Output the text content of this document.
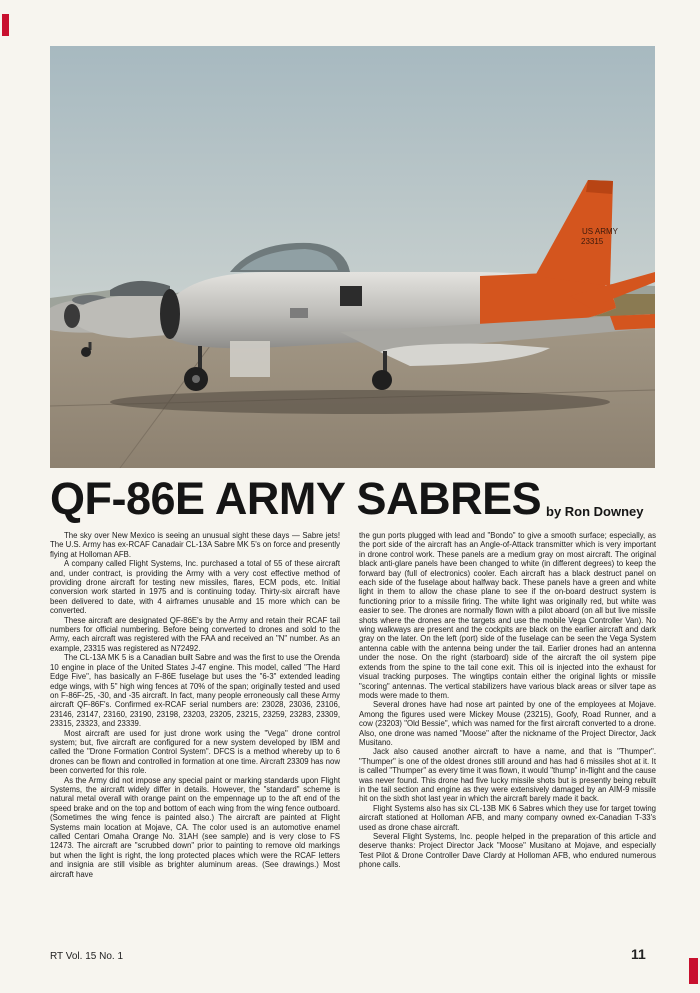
US ARMY
23315
QF-86E ARMY SABRES by Ron Downey

The sky over New Mexico is seeing an unusual sight these days — Sabre jets! The U.S. Army has ex-RCAF Canadair CL-13A Sabre MK 5's on force and presently flying at Holloman AFB.

A company called Flight Systems, Inc. purchased a total of 55 of these aircraft and, under contract, is providing the Army with a very cost effective method of providing drone aircraft for testing new missiles, flares, ECM pods, etc. Initial conversion work started in 1975 and is continuing today. Thirty-six aircraft have been delivered to date, with 4 airframes unusable and 15 more which can be converted.

These aircraft are designated QF-86E's by the Army and retain their RCAF tail numbers for official numbering. Before being converted to drones and sold to the Army, each aircraft was registered with the FAA and received an "N" number. As an example, 23315 was registered as N72492.

The CL-13A MK 5 is a Canadian built Sabre and was the first to use the Orenda 10 engine in place of the United States J-47 engine. This model, called "The Hard Edge Five", has basically an F-86E fuselage but uses the "6-3" extended leading edge wings, with 5" high wing fences at 70% of the span; originally tested and used on F-86F-25, -30, and -35 aircraft. In fact, many people erroneously call these Army aircraft QF-86F's. Confirmed ex-RCAF serial numbers are: 23028, 23036, 23106, 23146, 23147, 23160, 23190, 23198, 23203, 23205, 23215, 23259, 23283, 23309, 23315, 23323, and 23339.

Most aircraft are used for just drone work using the "Vega" drone control system; but, five aircraft are configured for a new system developed by IBM and called the "Drone Formation Control System". DFCS is a method whereby up to 6 drones can be flown and controlled in formation at one time. Aircraft 23309 has now been converted for this role.

As the Army did not impose any special paint or marking standards upon Flight Systems, the aircraft widely differ in details. However, the "standard" scheme is natural metal overall with orange paint on the empennage up to the aft end of the speed brake and on the top and bottom of each wing from the wing fence outboard. (Sometimes the wing fence is painted also.) The aircraft are painted at Flight Systems main location at Mojave, CA. The color used is an automotive enamel called Centari Omaha Orange No. 31AH (see sample) and is very close to FS 12473. The aircraft are "scrubbed down" prior to painting to remove old markings but when the light is right, the long protected places which were the RCAF letters and insignia are still visible as brighter aluminum areas. (See drawings.) Most aircraft have

the gun ports plugged with lead and "Bondo" to give a smooth surface; especially, as the port side of the aircraft has an Angle-of-Attack transmitter which is very important in drone control work. These panels are a medium gray on most aircraft. The original black anti-glare panels have been changed to white (in different degrees) to keep the forward bay (full of electronics) cooler. Each aircraft has a black destruct panel on each side of the fuselage about halfway back. These panels have a green and white light in them to allow the chase plane to see if the on-board destruct system is functioning prior to a missile firing. The white light was originally red, but white was easier to see. The drones are normally flown with a pilot aboard (on all but live missile shots where the drones are the targets and use the mobile Vega Controller Van). No wing walkways are present and the cockpits are black on the earlier aircraft and dark gray on the later. On the left (port) side of the fuselage can be seen the Vega System antenna cable with the antenna being under the tail. Earlier drones had an antenna under the nose. On the right (starboard) side of the aircraft the oil system pipe extends from the spine to the tail cone exit. This oil is injected into the exhaust for visual tracking purposes. The wingtips contain either the original lights or missile "scoring" antennas. The vertical stabilizers have various black areas or silver tape as mods were made to them.

Several drones have had nose art painted by one of the employees at Mojave. Among the figures used were Mickey Mouse (23215), Goofy, Road Runner, and a cow (23203) "Old Bessie", which was named for the first aircraft converted to a drone. Also, one drone was named "Moose" after the nickname of the Project Director, Jack Musitano.

Jack also caused another aircraft to have a name, and that is "Thumper". "Thumper" is one of the oldest drones still around and has had 6 missiles shot at it. It is called "Thumper" as every time it was flown, it would "thump" in-flight and the cause was never found. This drone had five lucky missile shots but is presently being rebuilt in the tail section and engine as they were extensively damaged by an AIM-9 missile hit on the sixth shot last year in which the aircraft barely made it back.

Flight Systems also has six CL-13B MK 6 Sabres which they use for target towing aircraft stationed at Holloman AFB, and many company owned ex-Canadian T-33's used as drone chase aircraft.

Several Flight Systems, Inc. people helped in the preparation of this article and deserve thanks: Project Director Jack "Moose" Musitano at Mojave, and especially Test Pilot & Drone Controller Dave Clardy at Holloman AFB, who endured numerous phone calls.

RT Vol. 15 No. 1	11
